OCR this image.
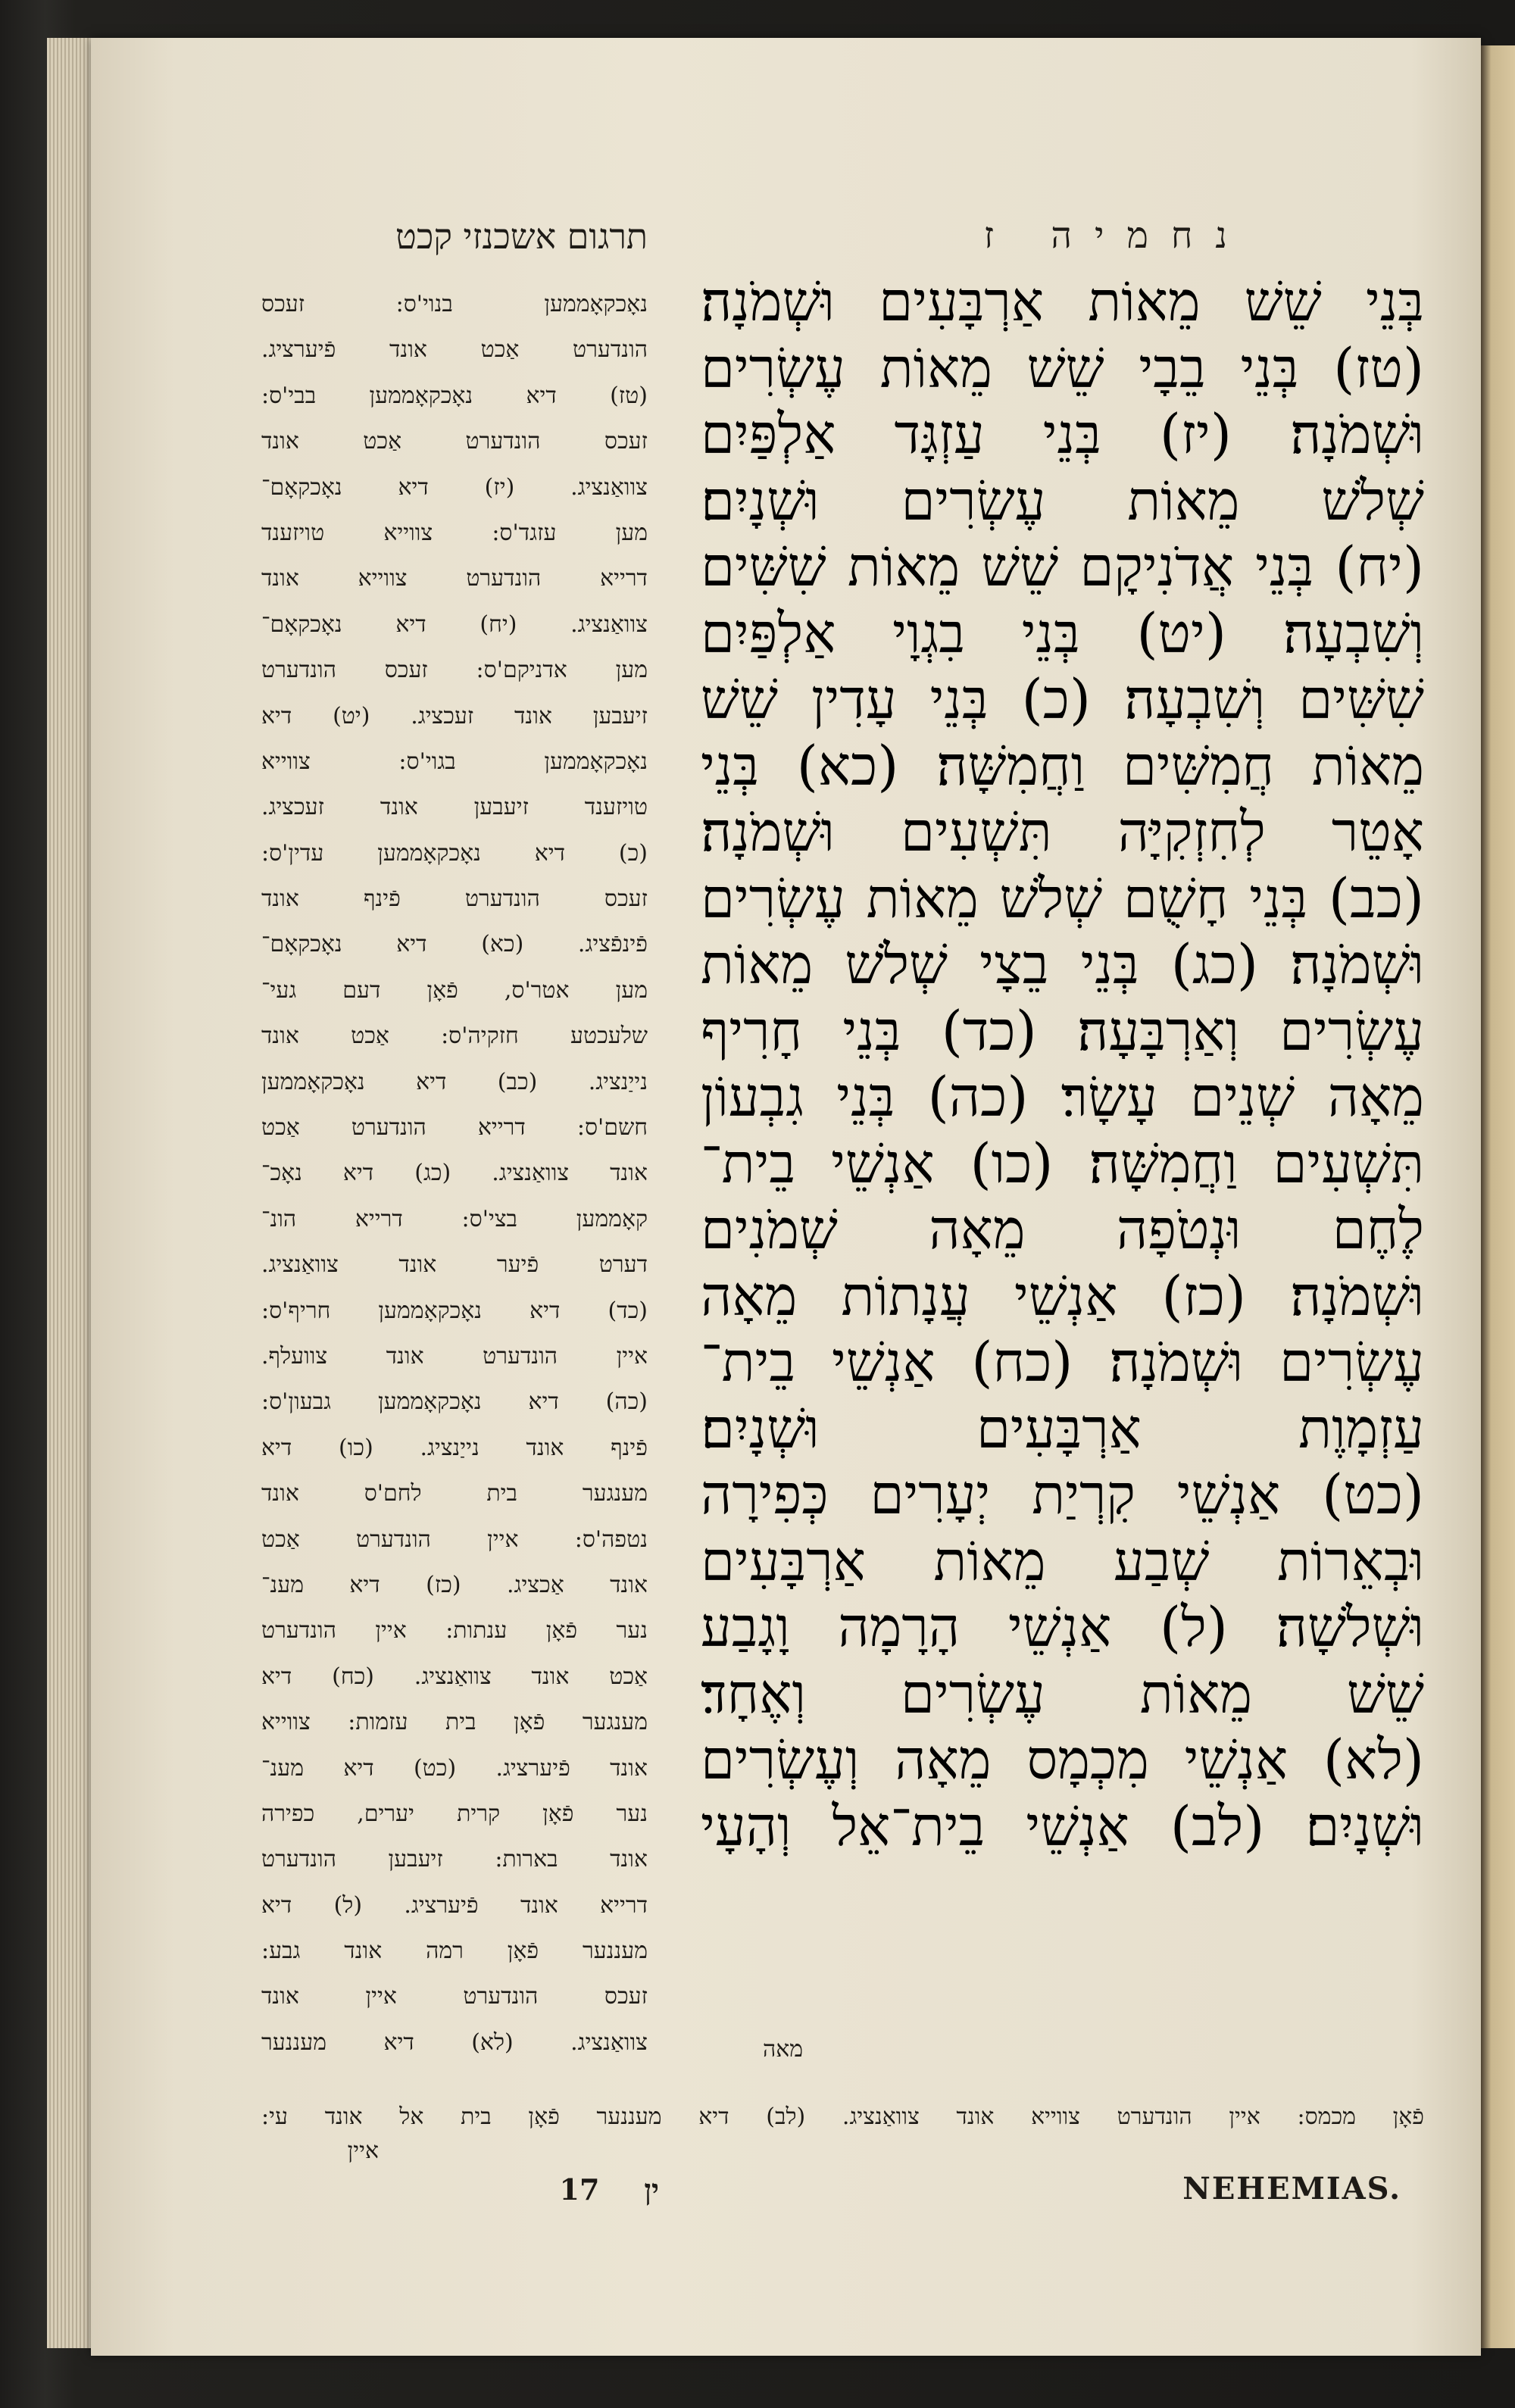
נחמיה ז
בְּנֵי שֵׁשׁ מֵאוֹת אַרְבָּעִים וּשְׁמֹנָה׃
(טז) בְּנֵי בֵבָי שֵׁשׁ מֵאוֹת עֶשְׂרִים
וּשְׁמֹנָה׃ (יז) בְּנֵי עַזְגָּד אַלְפַּיִם
שְׁלֹשׁ מֵאוֹת עֶשְׂרִים וּשְׁנָיִם׃
(יח) בְּנֵי אֲדֹנִיקָם שֵׁשׁ מֵאוֹת שִׁשִּׁים
וְשִׁבְעָה׃ (יט) בְּנֵי בִגְוָי אַלְפַּיִם
שִׁשִּׁים וְשִׁבְעָה׃ (כ) בְּנֵי עָדִין שֵׁשׁ
מֵאוֹת חֲמִשִּׁים וַחֲמִשָּׁה׃ (כא) בְּנֵי
אָטֵר לְחִזְקִיָּה תִּשְׁעִים וּשְׁמֹנָה׃
(כב) בְּנֵי חָשֻׁם שְׁלֹשׁ מֵאוֹת עֶשְׂרִים
וּשְׁמֹנָה׃ (כג) בְּנֵי בֵצָי שְׁלֹשׁ מֵאוֹת
עֶשְׂרִים וְאַרְבָּעָה׃ (כד) בְּנֵי חָרִיף
מֵאָה שְׁנֵים עָשָׂר׃ (כה) בְּנֵי גִבְעוֹן
תִּשְׁעִים וַחֲמִשָּׁה׃ (כו) אַנְשֵׁי בֵית־
לֶחֶם וּנְטֹפָה מֵאָה שְׁמֹנִים
וּשְׁמֹנָה׃ (כז) אַנְשֵׁי עֲנָתוֹת מֵאָה
עֶשְׂרִים וּשְׁמֹנָה׃ (כח) אַנְשֵׁי בֵית־
עַזְמָוֶת אַרְבָּעִים וּשְׁנָיִם׃
(כט) אַנְשֵׁי קִרְיַת יְעָרִים כְּפִירָה
וּבְאֵרוֹת שְׁבַע מֵאוֹת אַרְבָּעִים
וּשְׁלֹשָׁה׃ (ל) אַנְשֵׁי הָרָמָה וָגָבַע
שֵׁשׁ מֵאוֹת עֶשְׂרִים וְאֶחָד׃
(לא) אַנְשֵׁי מִכְמָס מֵאָה וְעֶשְׂרִים
וּשְׁנָיִם׃ (לב) אַנְשֵׁי בֵית־אֵל וְהָעָי
מאה
תרגום אשכנזי קכט
נאָכקאָממען בנוי'ס: זעכס
הונדערט אַכט אונד פֿיערציג.
(טז) דיא נאָכקאָממען בבי'ס:
זעכס הונדערט אַכט אונד
צוואַנציג. (יז) דיא נאָכקאָם־
מען עזגד'ס: צווייא טויזענד
דרייא הונדערט צווייא אונד
צוואַנציג. (יח) דיא נאָכקאָם־
מען אדניקם'ס: זעכס הונדערט
זיעבען אונד זעכציג. (יט) דיא
נאָכקאָממען בגוי'ס: צווייא
טויזענד זיעבען אונד זעכציג.
(כ) דיא נאָכקאָממען עדין'ס:
זעכס הונדערט פֿינף אונד
פֿינפֿציג. (כא) דיא נאָכקאָם־
מען אטר'ס, פֿאָן דעם געי־
שלעכטע חזקיה'ס: אַכט אונד
נייַנציג. (כב) דיא נאָכקאָממען
חשם'ס: דרייא הונדערט אַכט
אונד צוואַנציג. (כג) דיא נאָכ־
קאָממען בצי'ס: דרייא הונ־
דערט פֿיער אונד צוואַנציג.
(כד) דיא נאָכקאָממען חריף'ס:
איין הונדערט אונד צוועלף.
(כה) דיא נאָכקאָממען גבעון'ס:
פֿינף אונד נייַנציג. (כו) דיא
מענגער בית לחם'ס אונד
נטפה'ס: איין הונדערט אַכט
אונד אַכציג. (כז) דיא מענ־
נער פֿאָן ענתות: איין הונדערט
אַכט אונד צוואַנציג. (כח) דיא
מענגער פֿאָן בית עזמות: צווייא
אונד פֿיערציג. (כט) דיא מענ־
נער פֿאָן קרית יערים, כפירה
אונד בארות: זיעבען הונדערט
דרייא אונד פֿיערציג. (ל) דיא
מעננער פֿאָן רמה אונד גבע:
זעכס הונדערט איין אונד
צוואַנציג. (לא) דיא מעננער
פֿאָן מכמס: איין הונדערט צווייא אונד צוואַנציג. (לב) דיא מעננער פֿאָן בית אל אונד עי:
איין
ין
17	NEHEMIAS.
